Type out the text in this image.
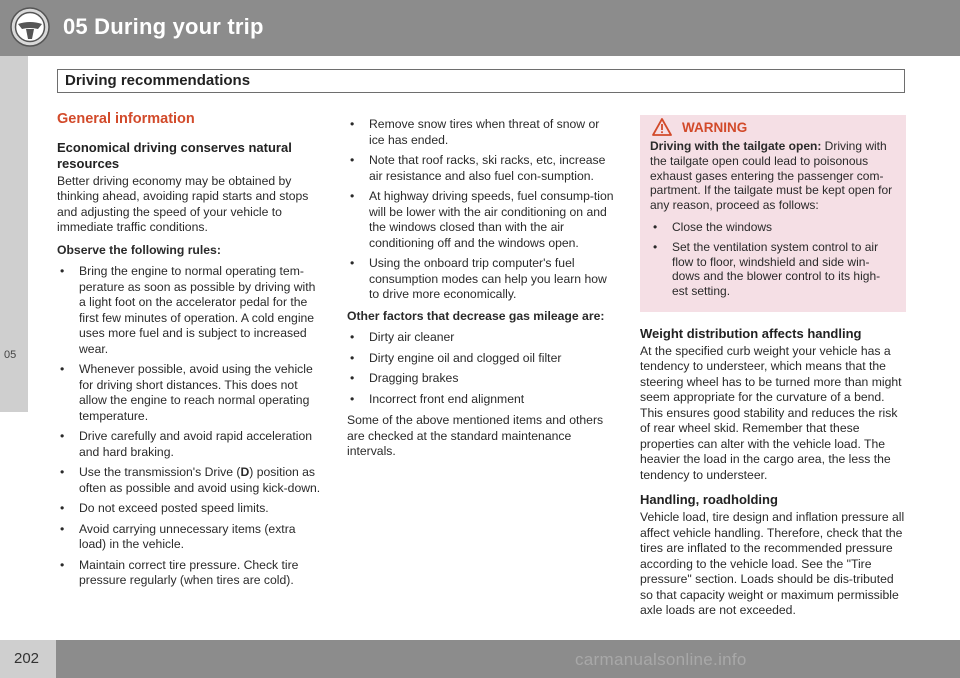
05 During your trip
Driving recommendations
05
General information
Economical driving conserves natural resources

Better driving economy may be obtained by thinking ahead, avoiding rapid starts and stops and adjusting the speed of your vehicle to immediate traffic conditions.

Observe the following rules:

• Bring the engine to normal operating tem-perature as soon as possible by driving with a light foot on the accelerator pedal for the first few minutes of operation. A cold engine uses more fuel and is subject to increased wear.
• Whenever possible, avoid using the vehicle for driving short distances. This does not allow the engine to reach normal operating temperature.
• Drive carefully and avoid rapid acceleration and hard braking.
• Use the transmission's Drive (D) position as often as possible and avoid using kick-down.
• Do not exceed posted speed limits.
• Avoid carrying unnecessary items (extra load) in the vehicle.
• Maintain correct tire pressure. Check tire pressure regularly (when tires are cold).
• Remove snow tires when threat of snow or ice has ended.
• Note that roof racks, ski racks, etc, increase air resistance and also fuel con-sumption.
• At highway driving speeds, fuel consump-tion will be lower with the air conditioning on and the windows closed than with the air conditioning off and the windows open.
• Using the onboard trip computer's fuel consumption modes can help you learn how to drive more economically.

Other factors that decrease gas mileage are:

• Dirty air cleaner
• Dirty engine oil and clogged oil filter
• Dragging brakes
• Incorrect front end alignment

Some of the above mentioned items and others are checked at the standard maintenance intervals.

WARNING

Driving with the tailgate open: Driving with the tailgate open could lead to poisonous exhaust gases entering the passenger com-partment. If the tailgate must be kept open for any reason, proceed as follows:

• Close the windows
• Set the ventilation system control to air flow to floor, windshield and side win-dows and the blower control to its high-est setting.
Weight distribution affects handling

At the specified curb weight your vehicle has a tendency to understeer, which means that the steering wheel has to be turned more than might seem appropriate for the curvature of a bend. This ensures good stability and reduces the risk of rear wheel skid. Remember that these properties can alter with the vehicle load. The heavier the load in the cargo area, the less the tendency to understeer.

Handling, roadholding

Vehicle load, tire design and inflation pressure all affect vehicle handling. Therefore, check that the tires are inflated to the recommended pressure according to the vehicle load. See the "Tire pressure" section. Loads should be dis-tributed so that capacity weight or maximum permissible axle loads are not exceeded.

202	carmanualsonline.info
